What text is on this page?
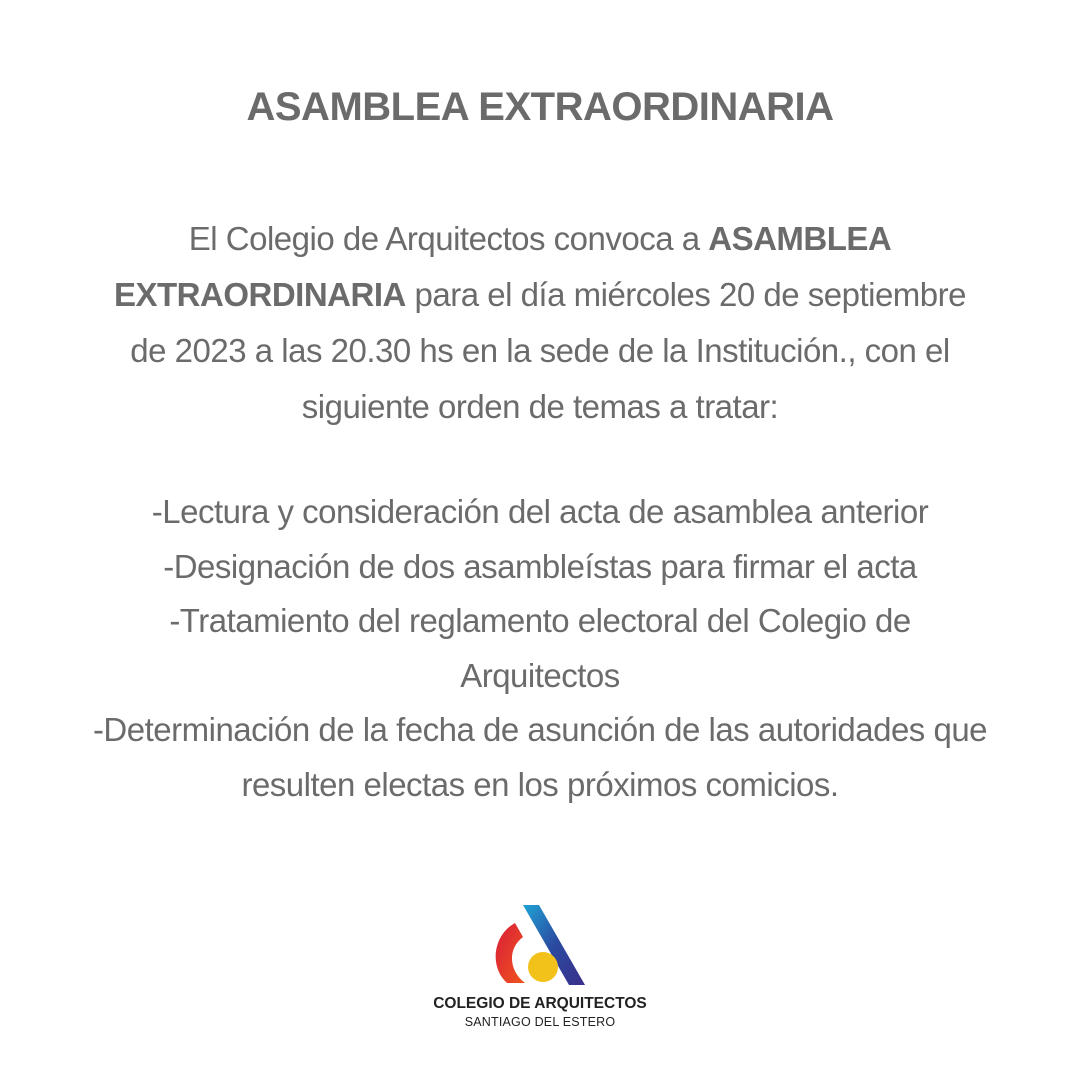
ASAMBLEA EXTRAORDINARIA
El Colegio de Arquitectos convoca a ASAMBLEA EXTRAORDINARIA para el día miércoles 20 de septiembre de 2023 a las 20.30 hs en la sede de la Institución., con el siguiente orden de temas a tratar:
-Lectura y consideración del acta de asamblea anterior
-Designación de dos asambleístas para firmar el acta
-Tratamiento del reglamento electoral del Colegio de Arquitectos
-Determinación de la fecha de asunción de las autoridades que resulten electas en los próximos comicios.
COLEGIO DE ARQUITECTOS
SANTIAGO DEL ESTERO
